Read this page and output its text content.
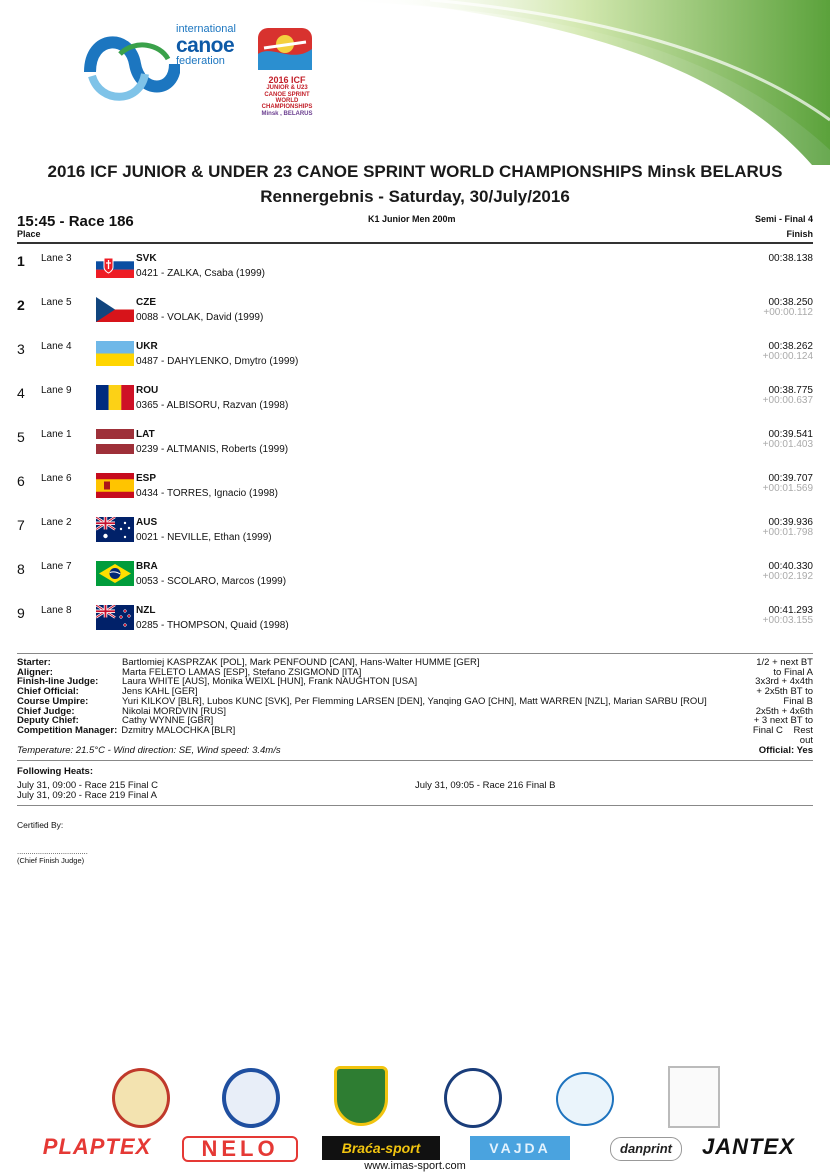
international
canoe
federation
2016 ICF
JUNIOR & U23
CANOE SPRINT
WORLD CHAMPIONSHIPS
Minsk , BELARUS
2016 ICF JUNIOR & UNDER 23 CANOE SPRINT WORLD CHAMPIONSHIPS Minsk BELARUS
Rennergebnis - Saturday, 30/July/2016
15:45 - Race 186
Place
K1 Junior Men 200m	Semi - Final 4
Finish
1 Lane 3	SVK
0421 - ZALKA, Csaba (1999)
00:38.138
2 Lane 5	CZE
0088 - VOLAK, David (1999)
00:38.250
+00:00.112
3 Lane 4	UKR
0487 - DAHYLENKO, Dmytro (1999)
00:38.262
+00:00.124
4 Lane 9	ROU
0365 - ALBISORU, Razvan (1998)
00:38.775
+00:00.637
5 Lane 1	LAT
0239 - ALTMANIS, Roberts (1999)
00:39.541
+00:01.403
6 Lane 6	ESP
0434 - TORRES, Ignacio (1998)
00:39.707
+00:01.569
7 Lane 2	AUS
0021 - NEVILLE, Ethan (1999)
00:39.936
+00:01.798
8 Lane 7	BRA
0053 - SCOLARO, Marcos (1999)
00:40.330
+00:02.192
9 Lane 8	NZL
0285 - THOMPSON, Quaid (1998)
00:41.293
+00:03.155
Starter:	Bartlomiej KASPRZAK [POL], Mark PENFOUND [CAN], Hans-Walter HUMME [GER]
Aligner:	Marta FELETO LAMAS [ESP], Stefano ZSIGMOND [ITA]
Finish-line Judge:	Laura WHITE [AUS], Monika WEIXL [HUN], Frank NAUGHTON [USA]
Chief Official:	Jens KAHL [GER]
Course Umpire:	Yuri KILKOV [BLR], Lubos KUNC [SVK], Per Flemming LARSEN [DEN], Yanqing GAO [CHN], Matt WARREN [NZL], Marian SARBU [ROU]
Chief Judge:	Nikolai MORDVIN [RUS]
Deputy Chief:	Cathy WYNNE [GBR]
Competition Manager: Dzmitry MALOCHKA [BLR]
1/2 + next BT
to Final A
3x3rd + 4x4th
+ 2x5th BT to
Final B
2x5th + 4x6th
+ 3 next BT to
Final C    Rest
out
Temperature: 21.5°C - Wind direction: SE, Wind speed: 3.4m/s	Official: Yes
Following Heats:
July 31, 09:00 - Race 215 Final C
July 31, 09:20 - Race 219 Final A
July 31, 09:05 - Race 216 Final B
Certified By:
..................................
(Chief Finish Judge)
PLAPTEX	NELO	Braća-sport	VAJDA	danprint	JANTEX
www.imas-sport.com
